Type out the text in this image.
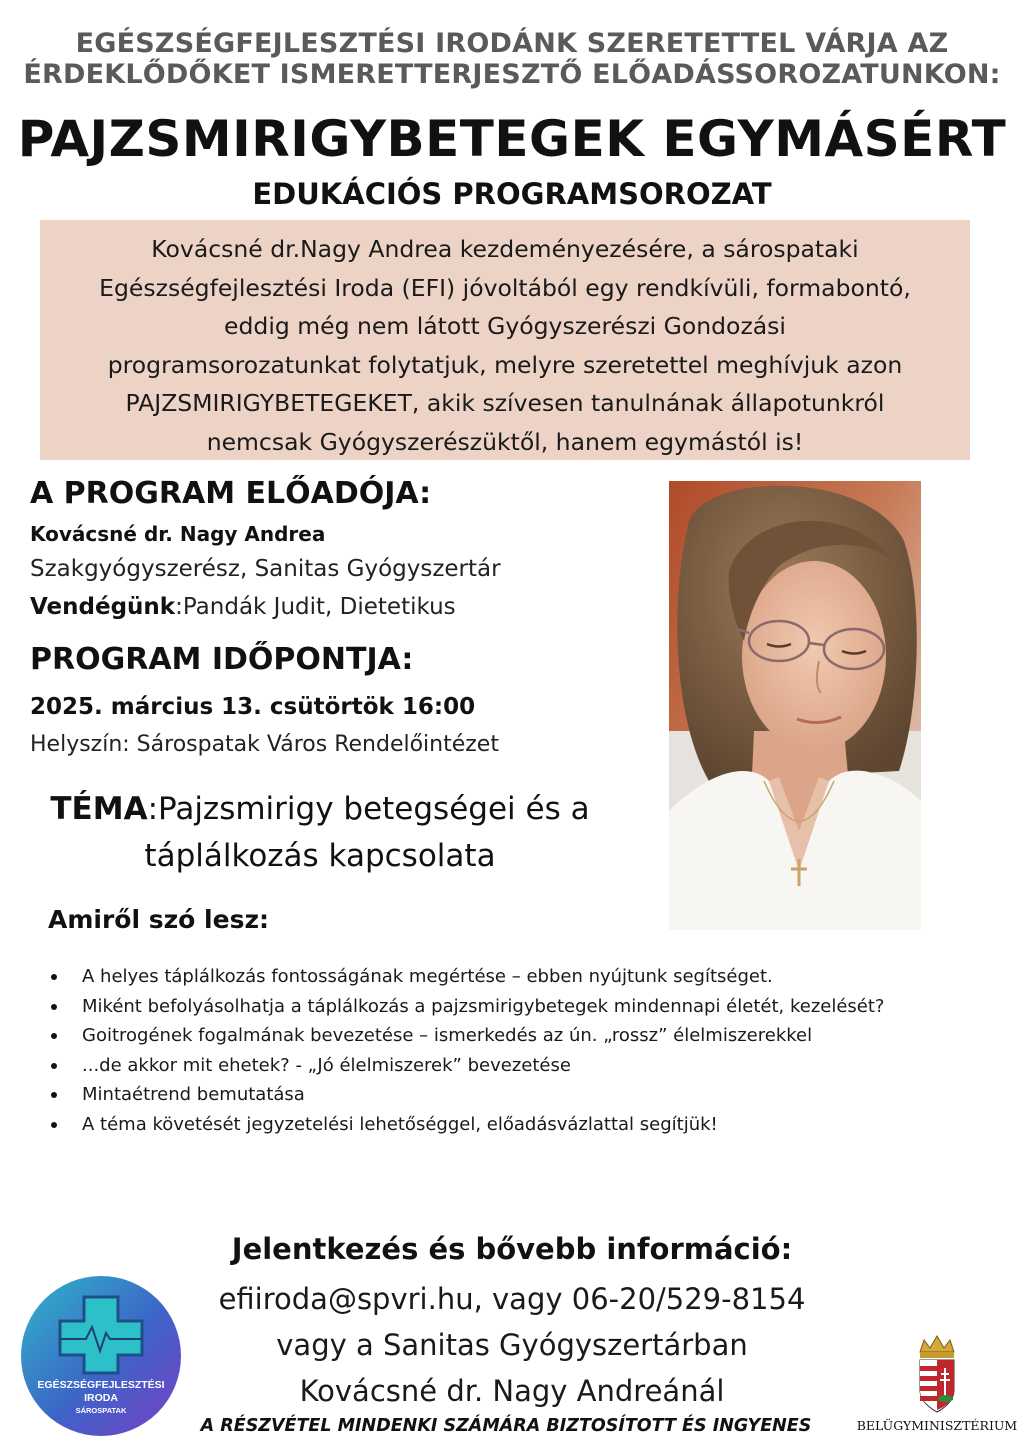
EGÉSZSÉGFEJLESZTÉSI IRODÁNK SZERETETTEL VÁRJA AZ
ÉRDEKLŐDŐKET ISMERETTERJESZTŐ ELŐADÁSSOROZATUNKON:
PAJZSMIRIGYBETEGEK EGYMÁSÉRT
EDUKÁCIÓS PROGRAMSOROZAT

Kovácsné dr.Nagy Andrea kezdeményezésére, a sárospataki
Egészségfejlesztési Iroda (EFI) jóvoltából egy rendkívüli, formabontó,
eddig még nem látott Gyógyszerészi Gondozási
programsorozatunkat folytatjuk, melyre szeretettel meghívjuk azon
PAJZSMIRIGYBETEGEKET, akik szívesen tanulnának állapotunkról
nemcsak Gyógyszerészüktől, hanem egymástól is!

A PROGRAM ELŐADÓJA:
Kovácsné dr. Nagy Andrea
Szakgyógyszerész, Sanitas Gyógyszertár
Vendégünk:Pandák Judit, Dietetikus
PROGRAM IDŐPONTJA:
2025. március 13. csütörtök 16:00
Helyszín: Sárospatak Város Rendelőintézet
TÉMA:Pajzsmirigy betegségei és a
táplálkozás kapcsolata
Amiről szó lesz:
A helyes táplálkozás fontosságának megértése – ebben nyújtunk segítséget.
Miként befolyásolhatja a táplálkozás a pajzsmirigybetegek mindennapi életét, kezelését?
Goitrogének fogalmának bevezetése – ismerkedés az ún. „rossz” élelmiszerekkel
...de akkor mit ehetek? - „Jó élelmiszerek” bevezetése
Mintaétrend bemutatása
A téma követését jegyzetelési lehetőséggel, előadásvázlattal segítjük!
Jelentkezés és bővebb információ:
efiiroda@spvri.hu, vagy 06-20/529-8154
vagy a Sanitas Gyógyszertárban
Kovácsné dr. Nagy Andreánál
A RÉSZVÉTEL MINDENKI SZÁMÁRA BIZTOSÍTOTT ÉS INGYENES
EGÉSZSÉGFEJLESZTÉSI
IRODA
SÁROSPATAK
BELÜGYMINISZTÉRIUM
